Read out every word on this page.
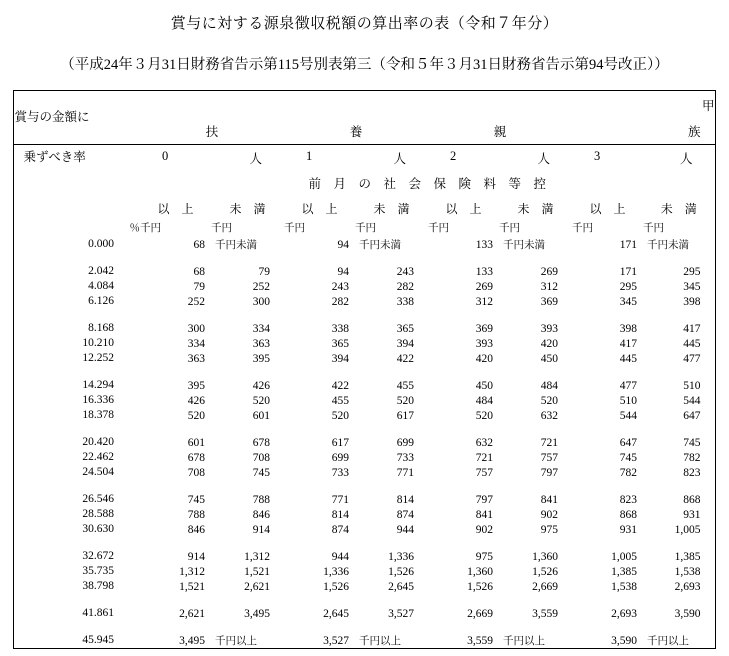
賞与に対する源泉徴収税額の算出率の表（令和７年分）
（平成24年３月31日財務省告示第115号別表第三（令和５年３月31日財務省告示第94号改正））
賞与の金額に	甲							
	扶		養		親		族	

乗ずべき率	0 人		1 人		2 人		3 人	

	前　月　の　社　会　保　険　料　等　控							
	以　上	未　満	以　上	未　満	以　上	未　満	以　上	未　満
％	千円	千円	千円	千円	千円	千円	千円	千円
0.000	68	千円未満	94	千円未満	133	千円未満	171	千円未満

2.042	68	79	94	243	133	269	171	295
4.084	79	252	243	282	269	312	295	345
6.126	252	300	282	338	312	369	345	398

8.168	300	334	338	365	369	393	398	417
10.210	334	363	365	394	393	420	417	445
12.252	363	395	394	422	420	450	445	477

14.294	395	426	422	455	450	484	477	510
16.336	426	520	455	520	484	520	510	544
18.378	520	601	520	617	520	632	544	647

20.420	601	678	617	699	632	721	647	745
22.462	678	708	699	733	721	757	745	782
24.504	708	745	733	771	757	797	782	823

26.546	745	788	771	814	797	841	823	868
28.588	788	846	814	874	841	902	868	931
30.630	846	914	874	944	902	975	931	1,005

32.672	914	1,312	944	1,336	975	1,360	1,005	1,385
35.735	1,312	1,521	1,336	1,526	1,360	1,526	1,385	1,538
38.798	1,521	2,621	1,526	2,645	1,526	2,669	1,538	2,693

41.861	2,621	3,495	2,645	3,527	2,669	3,559	2,693	3,590

45.945	3,495	千円以上	3,527	千円以上	3,559	千円以上	3,590	千円以上
